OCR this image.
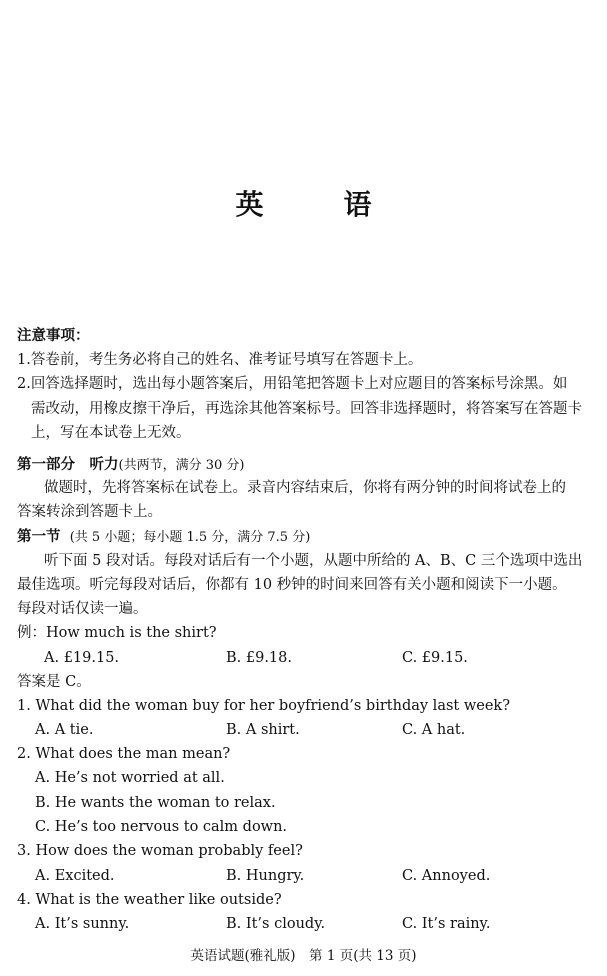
英　语
注意事项：
1.答卷前，考生务必将自己的姓名、准考证号填写在答题卡上。
2.回答选择题时，选出每小题答案后，用铅笔把答题卡上对应题目的答案标号涂黑。如
需改动，用橡皮擦干净后，再选涂其他答案标号。回答非选择题时，将答案写在答题卡
上，写在本试卷上无效。
第一部分　听力(共两节，满分 30 分)
做题时，先将答案标在试卷上。录音内容结束后，你将有两分钟的时间将试卷上的
答案转涂到答题卡上。
第一节 (共 5 小题；每小题 1.5 分，满分 7.5 分)
听下面 5 段对话。每段对话后有一个小题，从题中所给的 A、B、C 三个选项中选出
最佳选项。听完每段对话后，你都有 10 秒钟的时间来回答有关小题和阅读下一小题。
每段对话仅读一遍。
例：How much is the shirt?
A. £19.15.	B. £9.18.	C. £9.15.
答案是 C。
1. What did the woman buy for her boyfriend’s birthday last week?
A. A tie.	B. A shirt.	C. A hat.
2. What does the man mean?
A. He’s not worried at all.
B. He wants the woman to relax.
C. He’s too nervous to calm down.
3. How does the woman probably feel?
A. Excited.	B. Hungry.	C. Annoyed.
4. What is the weather like outside?
A. It’s sunny.	B. It’s cloudy.	C. It’s rainy.
英语试题(雅礼版)　第 1 页(共 13 页)
